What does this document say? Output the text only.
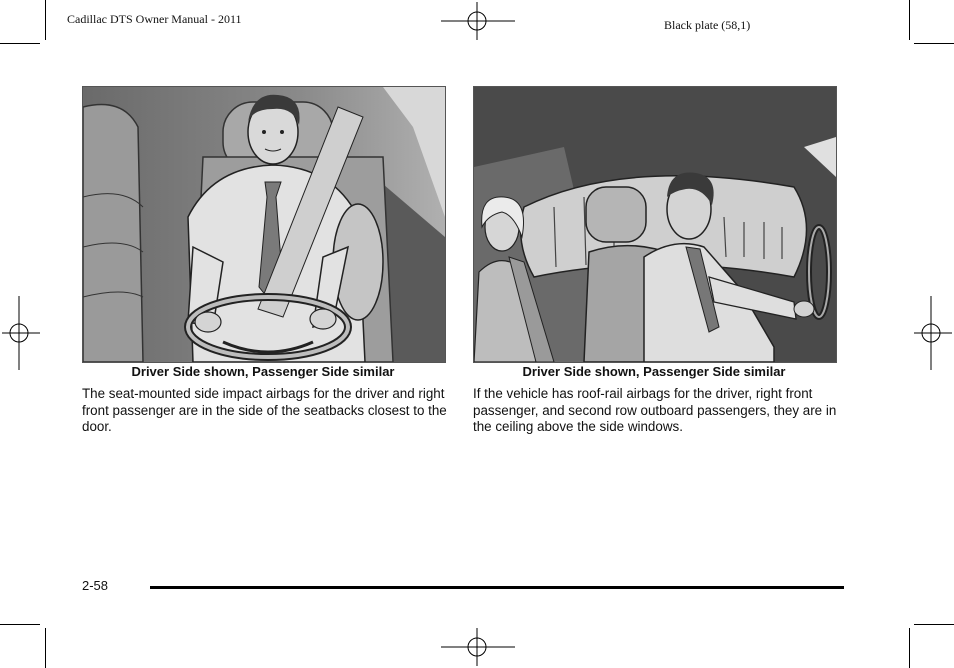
Cadillac DTS Owner Manual - 2011	Black plate (58,1)
Driver Side shown, Passenger Side similar
The seat-mounted side impact airbags for the driver and right front passenger are in the side of the seatbacks closest to the door.
Driver Side shown, Passenger Side similar
If the vehicle has roof-rail airbags for the driver, right front passenger, and second row outboard passengers, they are in the ceiling above the side windows.
2-58
